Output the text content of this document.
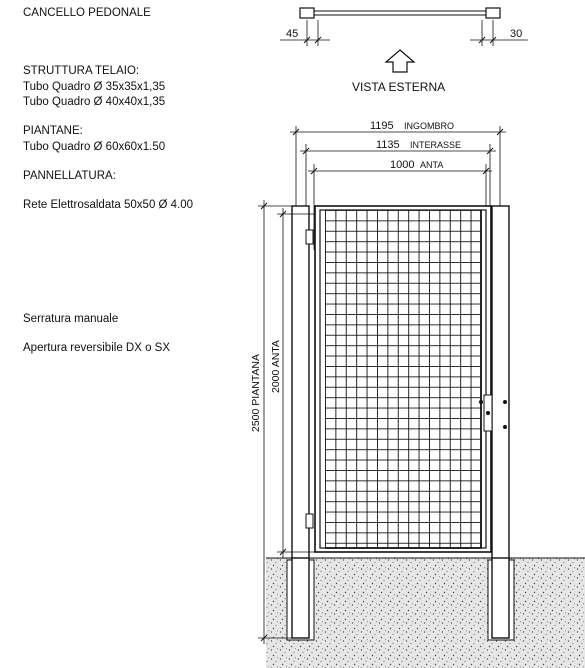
CANCELLO PEDONALE
STRUTTURA TELAIO:
Tubo Quadro Ø 35x35x1,35
Tubo Quadro Ø 40x40x1,35
PIANTANE:
Tubo Quadro Ø 60x60x1.50
PANNELLATURA:
Rete Elettrosaldata 50x50 Ø 4.00
Serratura manuale
Apertura reversibile DX o SX
45	30
VISTA ESTERNA
1195 INGOMBRO
1135 INTERASSE
1000 ANTA
2500 PIANTANA 2000 ANTA
